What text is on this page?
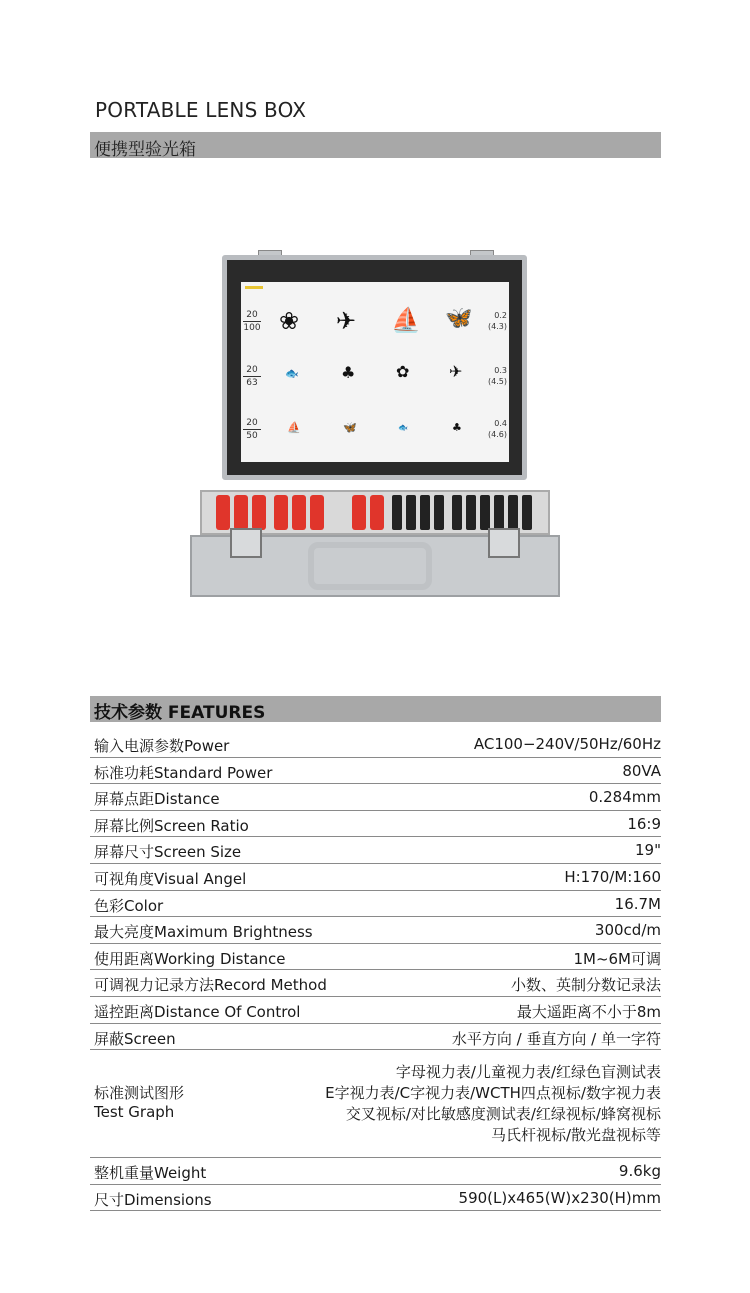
PORTABLE LENS BOX
便携型验光箱
20
100 ❀ ✈ ⛵ 🦋	0.2
(4.3)
20
63
🐟	♣	✿ ✈	0.3
(4.5)
20
50
⛵	🦋	🐟	♣	0.4
(4.6)
技术参数 FEATURES
输入电源参数Power	AC100−240V/50Hz/60Hz
标准功耗Standard Power	80VA
屏幕点距Distance	0.284mm
屏幕比例Screen Ratio	16:9
屏幕尺寸Screen Size	19"
可视角度Visual Angel	H:170/M:160
色彩Color	16.7M
最大亮度Maximum Brightness	300cd/m
使用距离Working Distance	1M~6M可调
可调视力记录方法Record Method	小数、英制分数记录法
遥控距离Distance Of Control	最大遥距离不小于8m
屏蔽Screen	水平方向 / 垂直方向 / 单一字符
标准测试图形
Test Graph
字母视力表/儿童视力表/红绿色盲测试表
E字视力表/C字视力表/WCTH四点视标/数字视力表
交叉视标/对比敏感度测试表/红绿视标/蜂窝视标
马氏杆视标/散光盘视标等
整机重量Weight	9.6kg
尺寸Dimensions	590(L)x465(W)x230(H)mm
